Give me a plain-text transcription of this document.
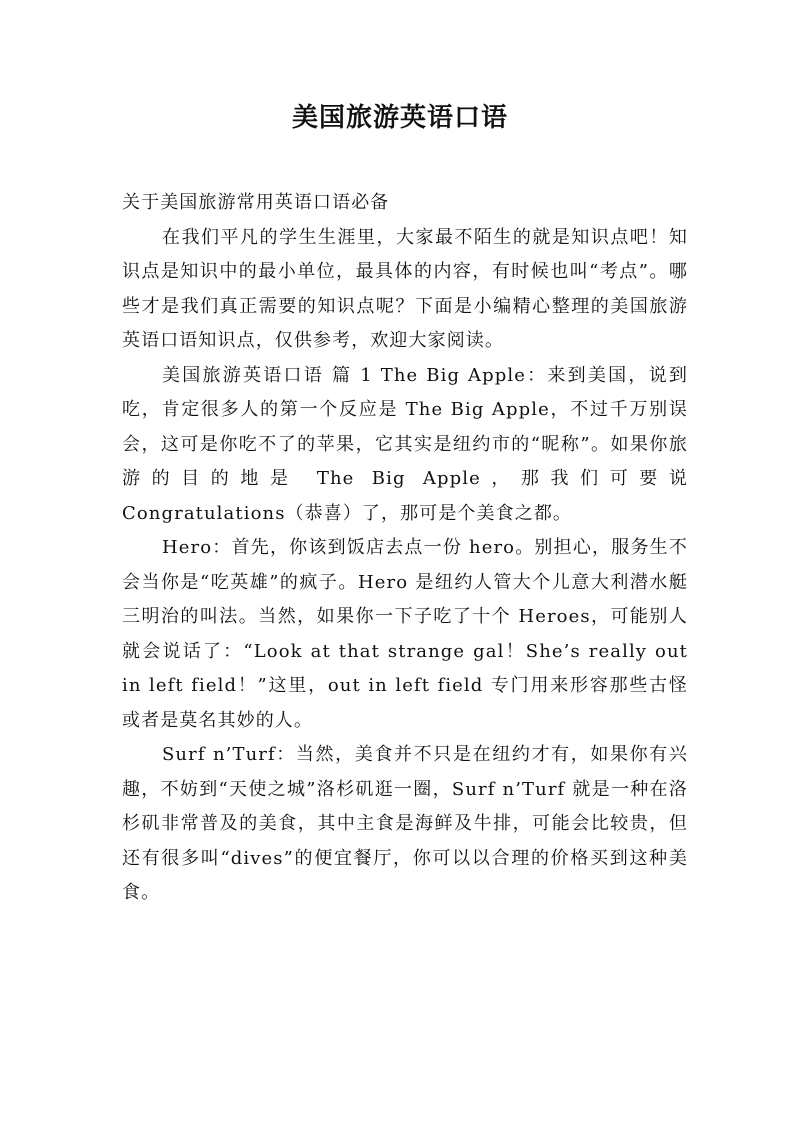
美国旅游英语口语

关于美国旅游常用英语口语必备

在我们平凡的学生生涯里，大家最不陌生的就是知识点吧！知识点是知识中的最小单位，最具体的内容，有时候也叫“考点”。哪些才是我们真正需要的知识点呢？下面是小编精心整理的美国旅游英语口语知识点，仅供参考，欢迎大家阅读。

美国旅游英语口语 篇 1 The Big Apple：来到美国，说到吃，肯定很多人的第一个反应是 The Big Apple，不过千万别误会，这可是你吃不了的苹果，它其实是纽约市的“昵称”。如果你旅游的目的地是 The Big Apple，那我们可要说 Congratulations（恭喜）了，那可是个美食之都。

Hero：首先，你该到饭店去点一份 hero。别担心，服务生不会当你是“吃英雄”的疯子。Hero 是纽约人管大个儿意大利潜水艇三明治的叫法。当然，如果你一下子吃了十个 Heroes，可能别人就会说话了：“Look at that strange gal！She’s really out in left field！”这里，out in left field 专门用来形容那些古怪或者是莫名其妙的人。

Surf n’Turf：当然，美食并不只是在纽约才有，如果你有兴趣，不妨到“天使之城”洛杉矶逛一圈，Surf n’Turf 就是一种在洛杉矶非常普及的美食，其中主食是海鲜及牛排，可能会比较贵，但还有很多叫“dives”的便宜餐厅，你可以以合理的价格买到这种美食。
